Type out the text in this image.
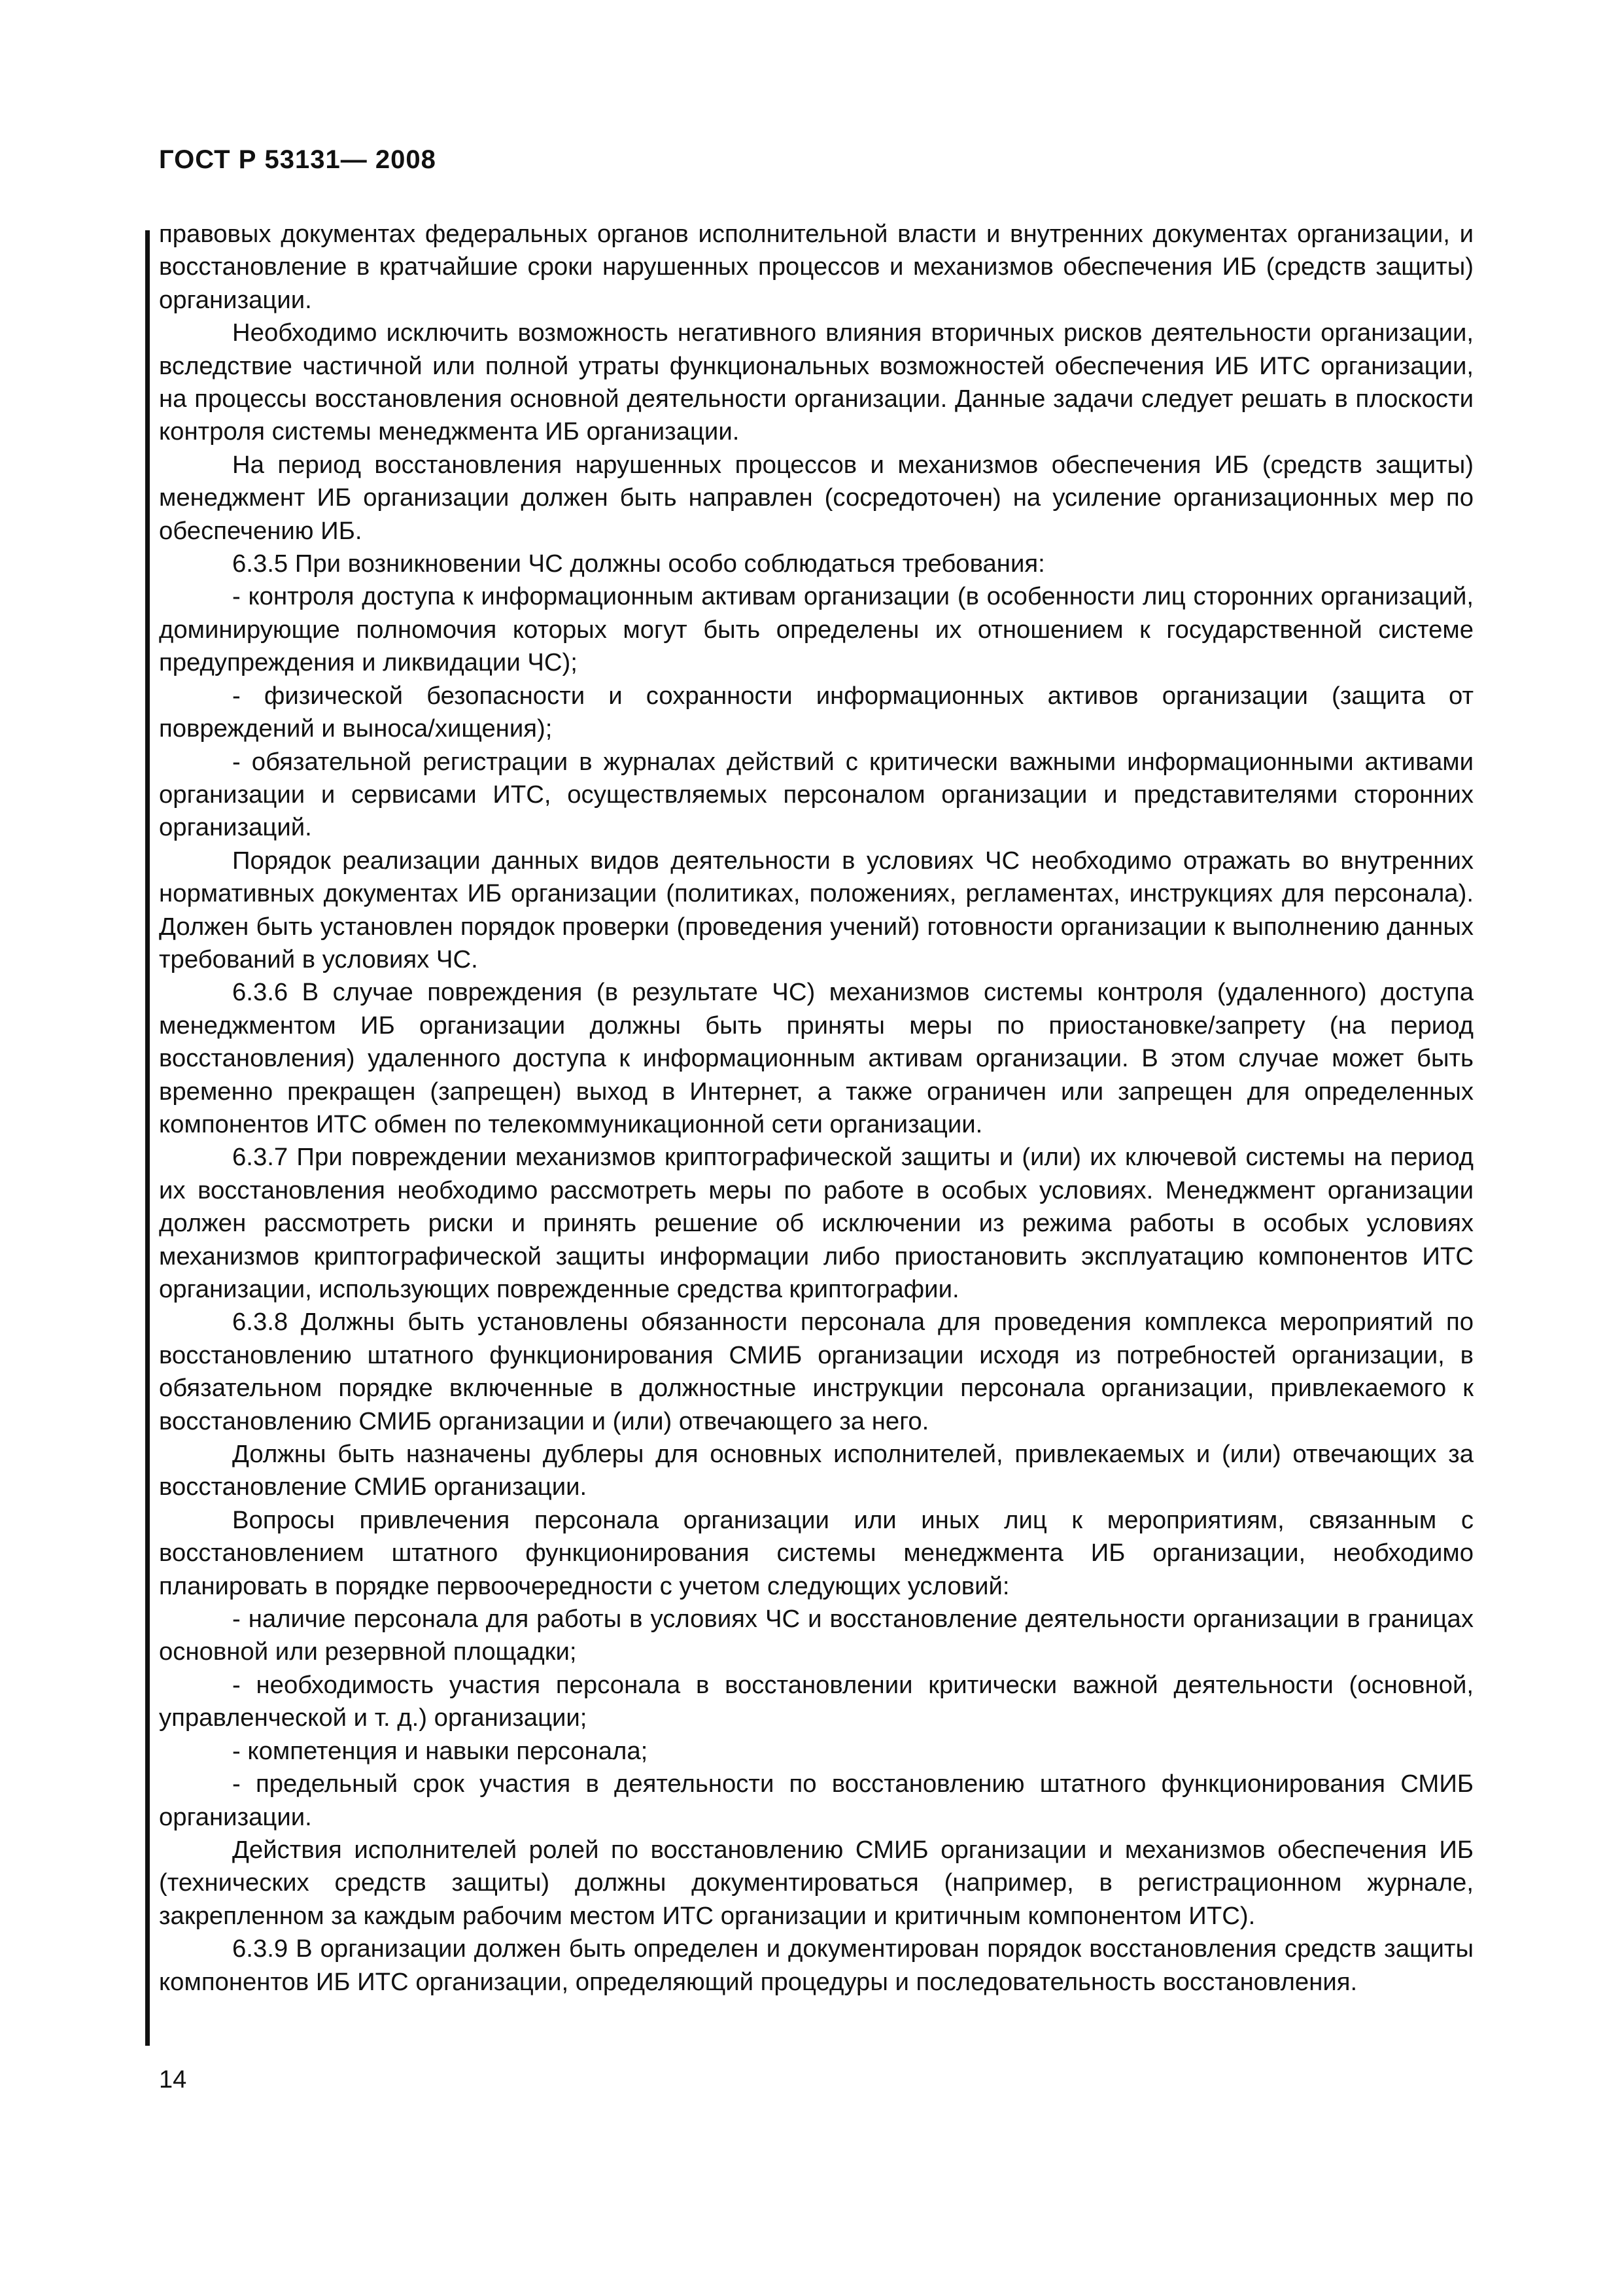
ГОСТ Р 53131— 2008

правовых документах федеральных органов исполнительной власти и внутренних документах организации, и восстановление в кратчайшие сроки нарушенных процессов и механизмов обеспечения ИБ (средств защиты) организации.

Необходимо исключить возможность негативного влияния вторичных рисков деятельности организации, вследствие частичной или полной утраты функциональных возможностей обеспечения ИБ ИТС организации, на процессы восстановления основной деятельности организации. Данные задачи следует решать в плоскости контроля системы менеджмента ИБ организации.

На период восстановления нарушенных процессов и механизмов обеспечения ИБ (средств защиты) менеджмент ИБ организации должен быть направлен (сосредоточен) на усиление организационных мер по обеспечению ИБ.

6.3.5 При возникновении ЧС должны особо соблюдаться требования:

- контроля доступа к информационным активам организации (в особенности лиц сторонних организаций, доминирующие полномочия которых могут быть определены их отношением к государственной системе предупреждения и ликвидации ЧС);

- физической безопасности и сохранности информационных активов организации (защита от повреждений и выноса/хищения);

- обязательной регистрации в журналах действий с критически важными информационными активами организации и сервисами ИТС, осуществляемых персоналом организации и представителями сторонних организаций.

Порядок реализации данных видов деятельности в условиях ЧС необходимо отражать во внутренних нормативных документах ИБ организации (политиках, положениях, регламентах, инструкциях для персонала). Должен быть установлен порядок проверки (проведения учений) готовности организации к выполнению данных требований в условиях ЧС.

6.3.6 В случае повреждения (в результате ЧС) механизмов системы контроля (удаленного) доступа менеджментом ИБ организации должны быть приняты меры по приостановке/запрету (на период восстановления) удаленного доступа к информационным активам организации. В этом случае может быть временно прекращен (запрещен) выход в Интернет, а также ограничен или запрещен для определенных компонентов ИТС обмен по телекоммуникационной сети организации.

6.3.7 При повреждении механизмов криптографической защиты и (или) их ключевой системы на период их восстановления необходимо рассмотреть меры по работе в особых условиях. Менеджмент организации должен рассмотреть риски и принять решение об исключении из режима работы в особых условиях механизмов криптографической защиты информации либо приостановить эксплуатацию компонентов ИТС организации, использующих поврежденные средства криптографии.

6.3.8 Должны быть установлены обязанности персонала для проведения комплекса мероприятий по восстановлению штатного функционирования СМИБ организации исходя из потребностей организации, в обязательном порядке включенные в должностные инструкции персонала организации, привлекаемого к восстановлению СМИБ организации и (или) отвечающего за него.

Должны быть назначены дублеры для основных исполнителей, привлекаемых и (или) отвечающих за восстановление СМИБ организации.

Вопросы привлечения персонала организации или иных лиц к мероприятиям, связанным с восстановлением штатного функционирования системы менеджмента ИБ организации, необходимо планировать в порядке первоочередности с учетом следующих условий:

- наличие персонала для работы в условиях ЧС и восстановление деятельности организации в границах основной или резервной площадки;

- необходимость участия персонала в восстановлении критически важной деятельности (основной, управленческой и т. д.) организации;

- компетенция и навыки персонала;

- предельный срок участия в деятельности по восстановлению штатного функционирования СМИБ организации.

Действия исполнителей ролей по восстановлению СМИБ организации и механизмов обеспечения ИБ (технических средств защиты) должны документироваться (например, в регистрационном журнале, закрепленном за каждым рабочим местом ИТС организации и критичным компонентом ИТС).

6.3.9 В организации должен быть определен и документирован порядок восстановления средств защиты компонентов ИБ ИТС организации, определяющий процедуры и последовательность восстановления.

14
